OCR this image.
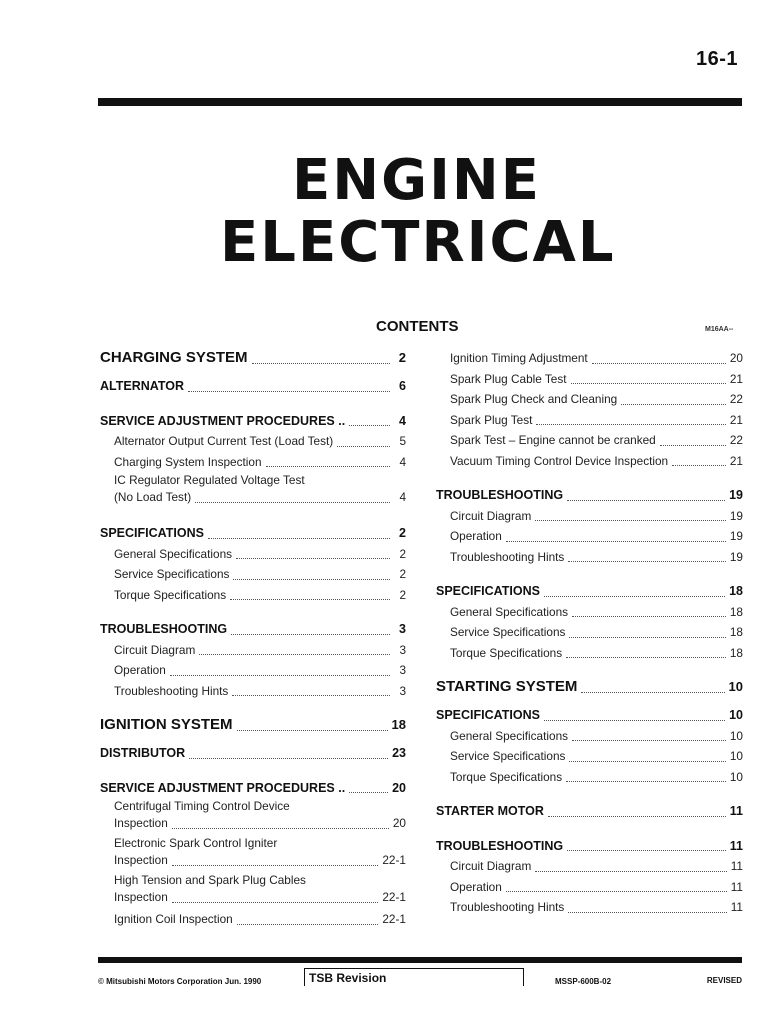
16-1
ENGINE
ELECTRICAL
CONTENTS	M16AA--
CHARGING SYSTEM	2
ALTERNATOR	6
SERVICE ADJUSTMENT PROCEDURES ..	4
Alternator Output Current Test (Load Test)	5
Charging System Inspection	4
IC Regulator Regulated Voltage Test
(No Load Test)	4
SPECIFICATIONS	2
General Specifications	2
Service Specifications	2
Torque Specifications	2
TROUBLESHOOTING	3
Circuit Diagram	3
Operation	3
Troubleshooting Hints	3
IGNITION SYSTEM	18
DISTRIBUTOR	23
SERVICE ADJUSTMENT PROCEDURES ..	20
Centrifugal Timing Control Device
Inspection	20
Electronic Spark Control Igniter
Inspection	22-1
High Tension and Spark Plug Cables
Inspection	22-1
Ignition Coil Inspection	22-1
Ignition Timing Adjustment	20
Spark Plug Cable Test	21
Spark Plug Check and Cleaning	22
Spark Plug Test	21
Spark Test – Engine cannot be cranked	22
Vacuum Timing Control Device Inspection	21
TROUBLESHOOTING	19
Circuit Diagram	19
Operation	19
Troubleshooting Hints	19
SPECIFICATIONS	18
General Specifications	18
Service Specifications	18
Torque Specifications	18
STARTING SYSTEM	10
SPECIFICATIONS	10
General Specifications	10
Service Specifications	10
Torque Specifications	10
STARTER MOTOR	11
TROUBLESHOOTING	11
Circuit Diagram	11
Operation	11
Troubleshooting Hints	11
© Mitsubishi Motors Corporation Jun. 1990	TSB Revision	MSSP-600B-02	REVISED
